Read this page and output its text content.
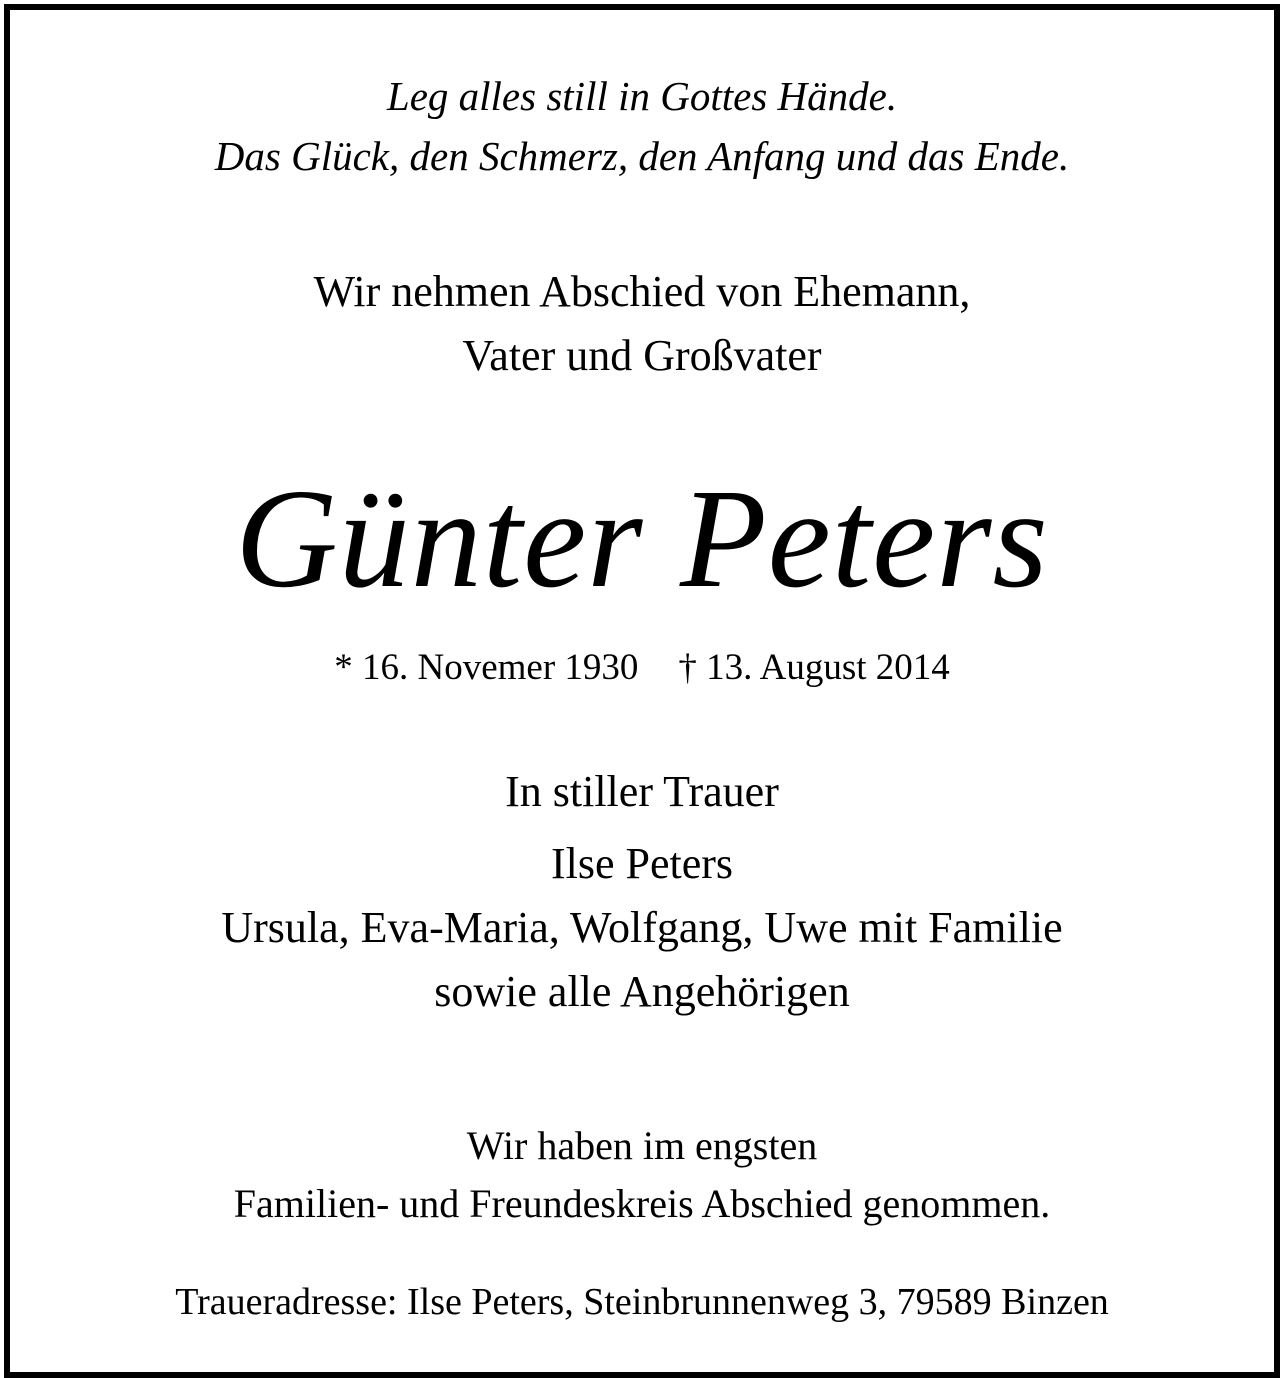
Leg alles still in Gottes Hände.
Das Glück, den Schmerz, den Anfang und das Ende.
Wir nehmen Abschied von Ehemann,
Vater und Großvater
Günter Peters
* 16. Novemer 1930 † 13. August 2014
In stiller Trauer
Ilse Peters
Ursula, Eva-Maria, Wolfgang, Uwe mit Familie
sowie alle Angehörigen
Wir haben im engsten
Familien- und Freundeskreis Abschied genommen.
Traueradresse: Ilse Peters, Steinbrunnenweg 3, 79589 Binzen
